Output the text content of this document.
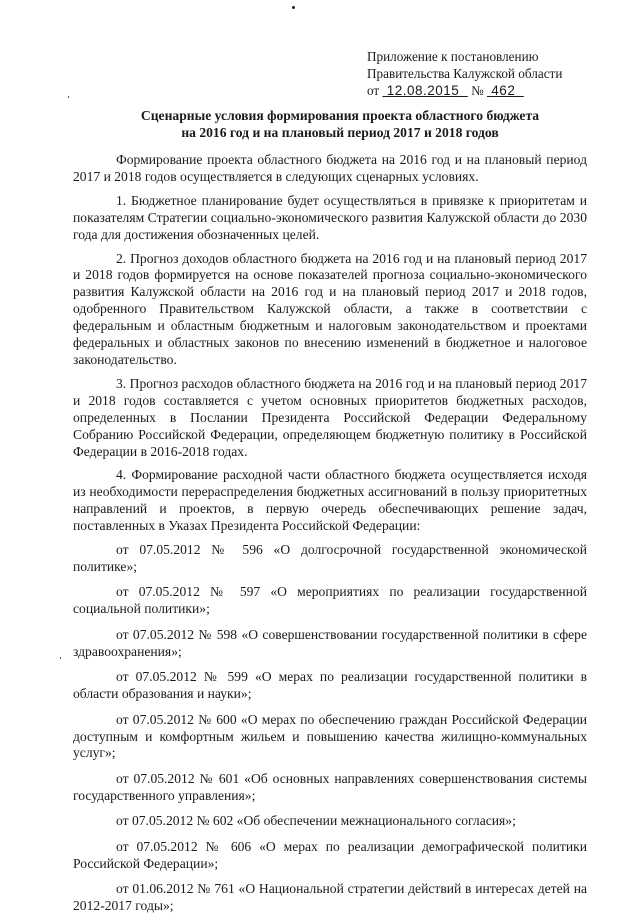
Приложение к постановлению
Правительства Калужской области
от 12.08.2015 № 462
Сценарные условия формирования проекта областного бюджета
на 2016 год и на плановый период 2017 и 2018 годов

Формирование проекта областного бюджета на 2016 год и на плановый период 2017 и 2018 годов осуществляется в следующих сценарных условиях.

1. Бюджетное планирование будет осуществляться в привязке к приоритетам и показателям Стратегии социально-экономического развития Калужской области до 2030 года для достижения обозначенных целей.

2. Прогноз доходов областного бюджета на 2016 год и на плановый период 2017 и 2018 годов формируется на основе показателей прогноза социально-экономического развития Калужской области на 2016 год и на плановый период 2017 и 2018 годов, одобренного Правительством Калужской области, а также в соответствии с федеральным и областным бюджетным и налоговым законодательством и проектами федеральных и областных законов по внесению изменений в бюджетное и налоговое законодательство.

3. Прогноз расходов областного бюджета на 2016 год и на плановый период 2017 и 2018 годов составляется с учетом основных приоритетов бюджетных расходов, определенных в Послании Президента Российской Федерации Федеральному Собранию Российской Федерации, определяющем бюджетную политику в Российской Федерации в 2016-2018 годах.

4. Формирование расходной части областного бюджета осуществляется исходя из необходимости перераспределения бюджетных ассигнований в пользу приоритетных направлений и проектов, в первую очередь обеспечивающих решение задач, поставленных в Указах Президента Российской Федерации:

от 07.05.2012 № 596 «О долгосрочной государственной экономической политике»;

от 07.05.2012 № 597 «О мероприятиях по реализации государственной социальной политики»;

от 07.05.2012 № 598 «О совершенствовании государственной политики в сфере здравоохранения»;

от 07.05.2012 № 599 «О мерах по реализации государственной политики в области образования и науки»;

от 07.05.2012 № 600 «О мерах по обеспечению граждан Российской Федерации доступным и комфортным жильем и повышению качества жилищно-коммунальных услуг»;

от 07.05.2012 № 601 «Об основных направлениях совершенствования системы государственного управления»;

от 07.05.2012 № 602 «Об обеспечении межнационального согласия»;

от 07.05.2012 № 606 «О мерах по реализации демографической политики Российской Федерации»;

от 01.06.2012 № 761 «О Национальной стратегии действий в интересах детей на 2012-2017 годы»;
